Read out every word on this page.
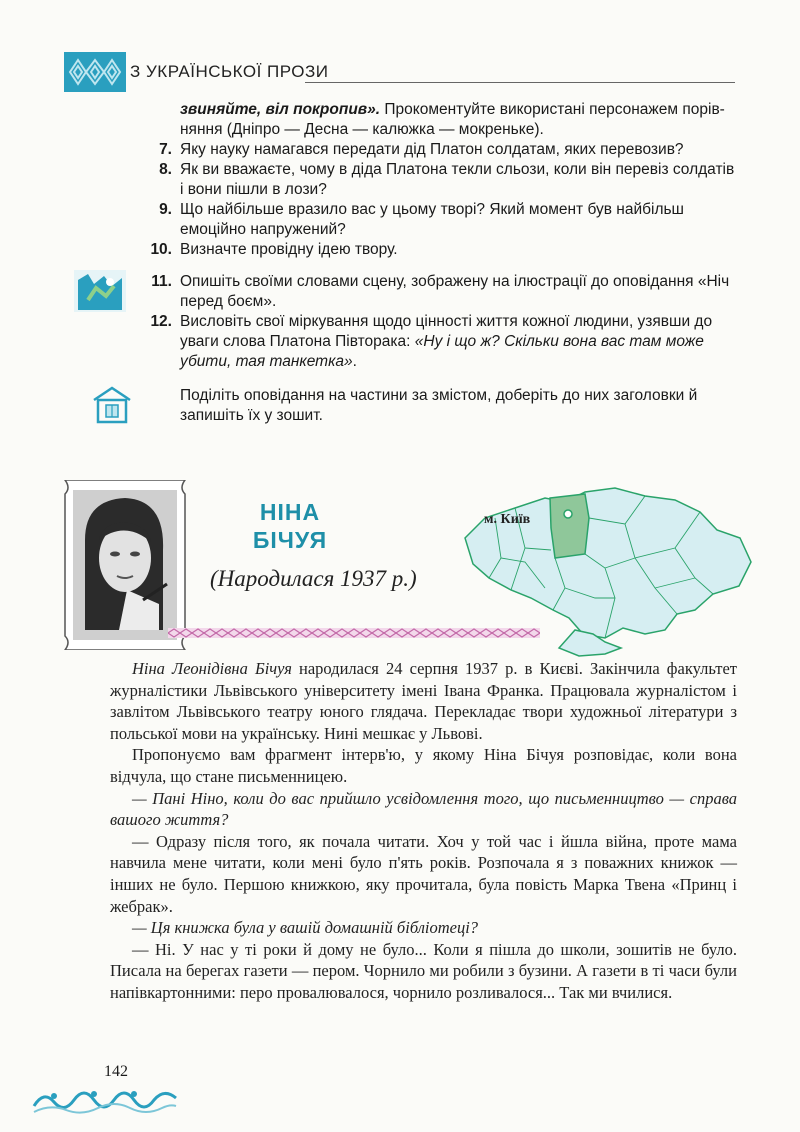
З УКРАЇНСЬКОЇ ПРОЗИ
звиняйте, віл покропив». Прокоментуйте використані персонажем порів-
няння (Дніпро — Десна — калюжка — мокреньке).
7. Яку науку намагався передати дід Платон солдатам, яких перевозив?
8. Як ви вважаєте, чому в діда Платона текли сльози, коли він перевіз солдатів і вони пішли в лози?
9. Що найбільше вразило вас у цьому творі? Який момент був найбільш емоційно напружений?
10. Визначте провідну ідею твору.
11. Опишіть своїми словами сцену, зображену на ілюстрації до оповідання «Ніч перед боєм».
12. Висловіть свої міркування щодо цінності життя кожної людини, узявши до уваги слова Платона Півторака: «Ну і що ж? Скільки вона вас там може убити, тая танкетка».
Поділіть оповідання на частини за змістом, доберіть до них заголовки й запишіть їх у зошит.
НІНА
БІЧУЯ
(Народилася 1937 р.)
м. Київ

Ніна Леонідівна Бічуя народилася 24 серпня 1937 р. в Києві. Закінчила факультет журналістики Львівського університету імені Івана Франка. Працювала журналістом і завлітом Львівського театру юного глядача. Перекладає твори художньої літератури з польської мови на українську. Нині мешкає у Львові.

Пропонуємо вам фрагмент інтерв'ю, у якому Ніна Бічуя розповідає, коли вона відчула, що стане письменницею.

— Пані Ніно, коли до вас прийшло усвідомлення того, що письменництво — справа вашого життя?

— Одразу після того, як почала читати. Хоч у той час і йшла війна, проте мама навчила мене читати, коли мені було п'ять років. Розпочала я з поважних книжок — інших не було. Першою книжкою, яку прочитала, була повість Марка Твена «Принц і жебрак».

— Ця книжка була у вашій домашній бібліотеці?

— Ні. У нас у ті роки й дому не було... Коли я пішла до школи, зошитів не було. Писала на берегах газети — пером. Чорнило ми робили з бузини. А газети в ті часи були напівкартонними: перо провалювалося, чорнило розливалося... Так ми вчилися.

142
